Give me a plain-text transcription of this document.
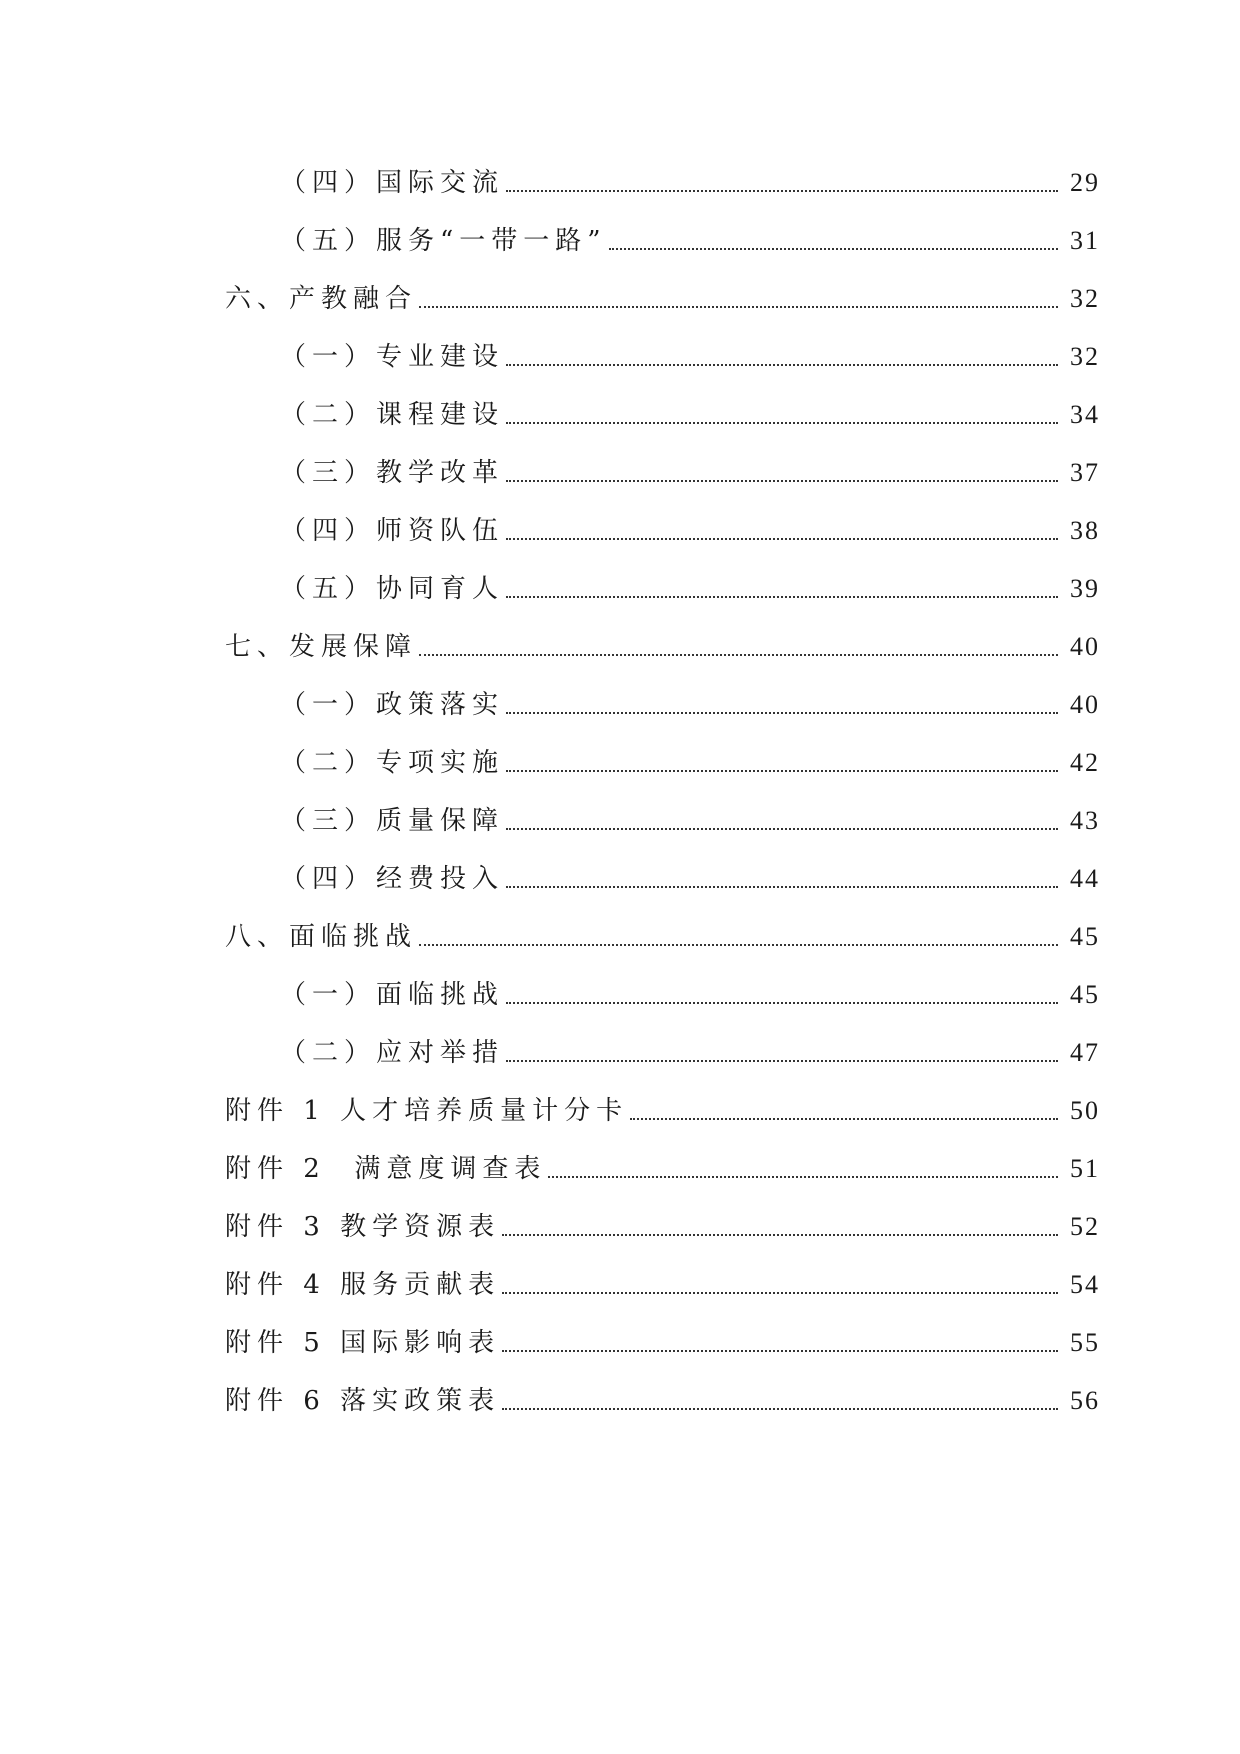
（四）国际交流	29
（五）服务“一带一路”	31
六、产教融合	32
（一）专业建设	32
（二）课程建设	34
（三）教学改革	37
（四）师资队伍	38
（五）协同育人	39
七、发展保障	40
（一）政策落实	40
（二）专项实施	42
（三）质量保障	43
（四）经费投入	44
八、面临挑战	45
（一）面临挑战	45
（二）应对举措	47
附件 1 人才培养质量计分卡	50
附件 2  满意度调查表	51
附件 3 教学资源表	52
附件 4 服务贡献表	54
附件 5 国际影响表	55
附件 6 落实政策表	56
